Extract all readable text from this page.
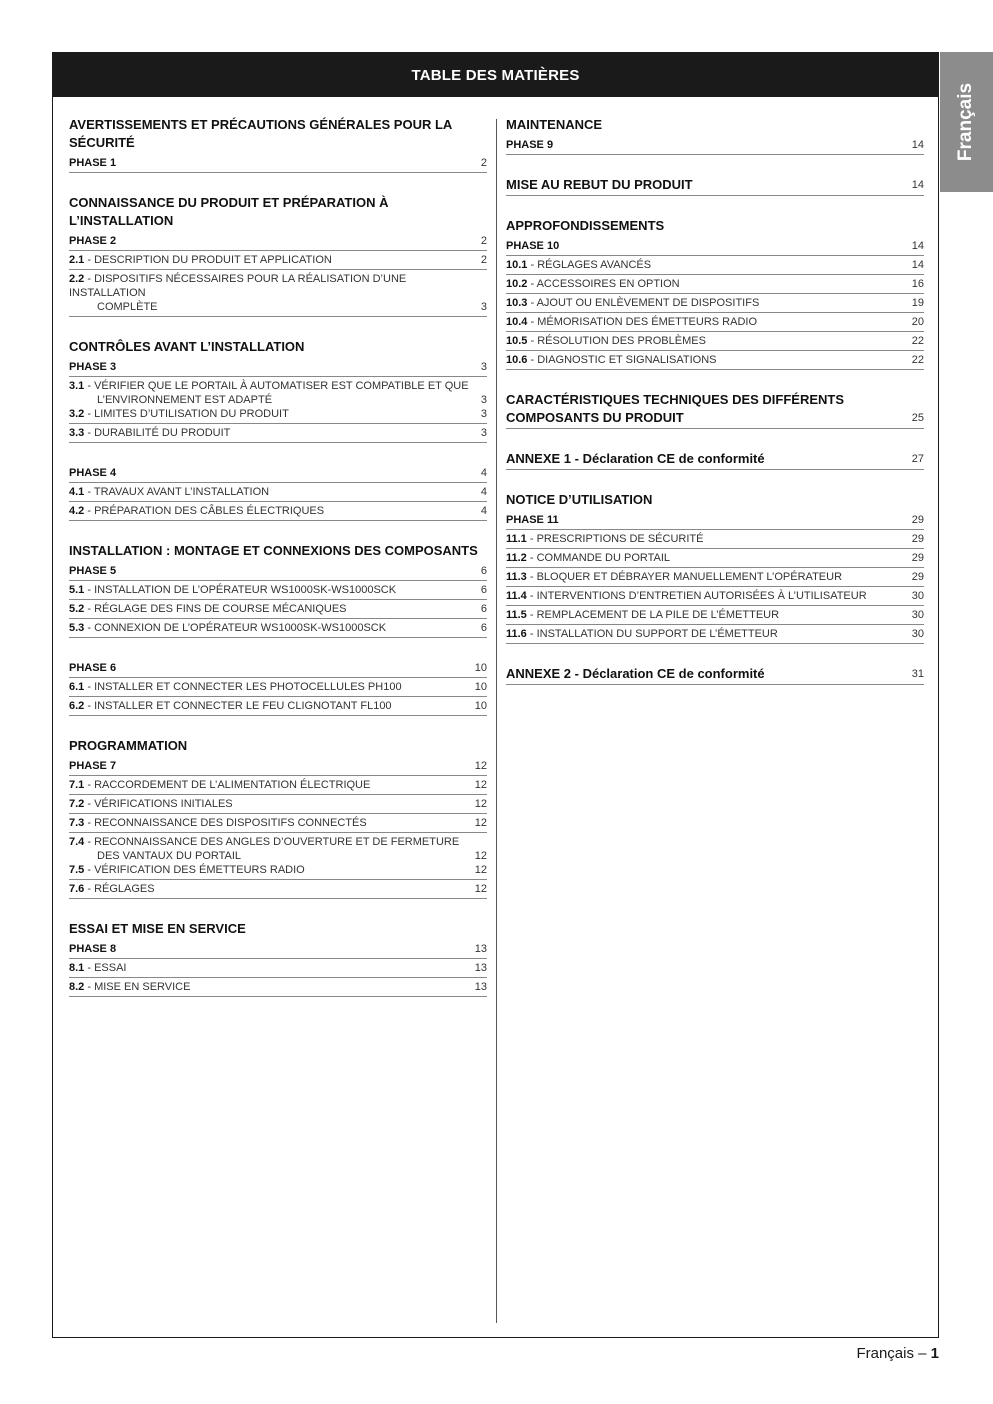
TABLE DES MATIÈRES
AVERTISSEMENTS ET PRÉCAUTIONS GÉNÉRALES POUR LA SÉCURITÉ
PHASE 1	2
CONNAISSANCE DU PRODUIT ET PRÉPARATION À L’INSTALLATION
PHASE 2	2
2.1 - DESCRIPTION DU PRODUIT ET APPLICATION	2
2.2 - DISPOSITIFS NÉCESSAIRES POUR LA RÉALISATION D’UNE INSTALLATION
COMPLÈTE	3
CONTRÔLES AVANT L’INSTALLATION
PHASE 3	3
3.1 - VÉRIFIER QUE LE PORTAIL À AUTOMATISER EST COMPATIBLE ET QUE
L’ENVIRONNEMENT EST ADAPTÉ	3
3.2 - LIMITES D’UTILISATION DU PRODUIT	3
3.3 - DURABILITÉ DU PRODUIT	3
PHASE 4	4
4.1 - TRAVAUX AVANT L’INSTALLATION	4
4.2 - PRÉPARATION DES CÂBLES ÉLECTRIQUES	4
INSTALLATION : MONTAGE ET CONNEXIONS DES COMPOSANTS
PHASE 5	6
5.1 - INSTALLATION DE L’OPÉRATEUR WS1000SK-WS1000SCK	6
5.2 - RÉGLAGE DES FINS DE COURSE MÉCANIQUES	6
5.3 - CONNEXION DE L’OPÉRATEUR WS1000SK-WS1000SCK	6
PHASE 6	10
6.1 - INSTALLER ET CONNECTER LES PHOTOCELLULES PH100	10
6.2 - INSTALLER ET CONNECTER LE FEU CLIGNOTANT FL100	10
PROGRAMMATION
PHASE 7	12
7.1 - RACCORDEMENT DE L’ALIMENTATION ÉLECTRIQUE	12
7.2 - VÉRIFICATIONS INITIALES	12
7.3 - RECONNAISSANCE DES DISPOSITIFS CONNECTÉS	12
7.4 - RECONNAISSANCE DES ANGLES D’OUVERTURE ET DE FERMETURE
DES VANTAUX DU PORTAIL	12
7.5 - VÉRIFICATION DES ÉMETTEURS RADIO	12
7.6 - RÉGLAGES	12
ESSAI ET MISE EN SERVICE
PHASE 8	13
8.1 - ESSAI	13
8.2 - MISE EN SERVICE	13
MAINTENANCE
PHASE 9	14
MISE AU REBUT DU PRODUIT	14
APPROFONDISSEMENTS
PHASE 10	14
10.1 - RÉGLAGES AVANCÉS	14
10.2 - ACCESSOIRES EN OPTION	16
10.3 - AJOUT OU ENLÈVEMENT DE DISPOSITIFS	19
10.4 - MÉMORISATION DES ÉMETTEURS RADIO	20
10.5 - RÉSOLUTION DES PROBLÈMES	22
10.6 - DIAGNOSTIC ET SIGNALISATIONS	22
CARACTÉRISTIQUES TECHNIQUES DES DIFFÉRENTS COMPOSANTS DU PRODUIT	25
ANNEXE 1 - Déclaration CE de conformité	27
NOTICE D’UTILISATION
PHASE 11	29
11.1 - PRESCRIPTIONS DE SÉCURITÉ	29
11.2 - COMMANDE DU PORTAIL	29
11.3 - BLOQUER ET DÉBRAYER MANUELLEMENT L’OPÉRATEUR	29
11.4 - INTERVENTIONS D’ENTRETIEN AUTORISÉES À L’UTILISATEUR	30
11.5 - REMPLACEMENT DE LA PILE DE L’ÉMETTEUR	30
11.6 - INSTALLATION DU SUPPORT DE L’ÉMETTEUR	30
ANNEXE 2 - Déclaration CE de conformité	31
Français
Français – 1
